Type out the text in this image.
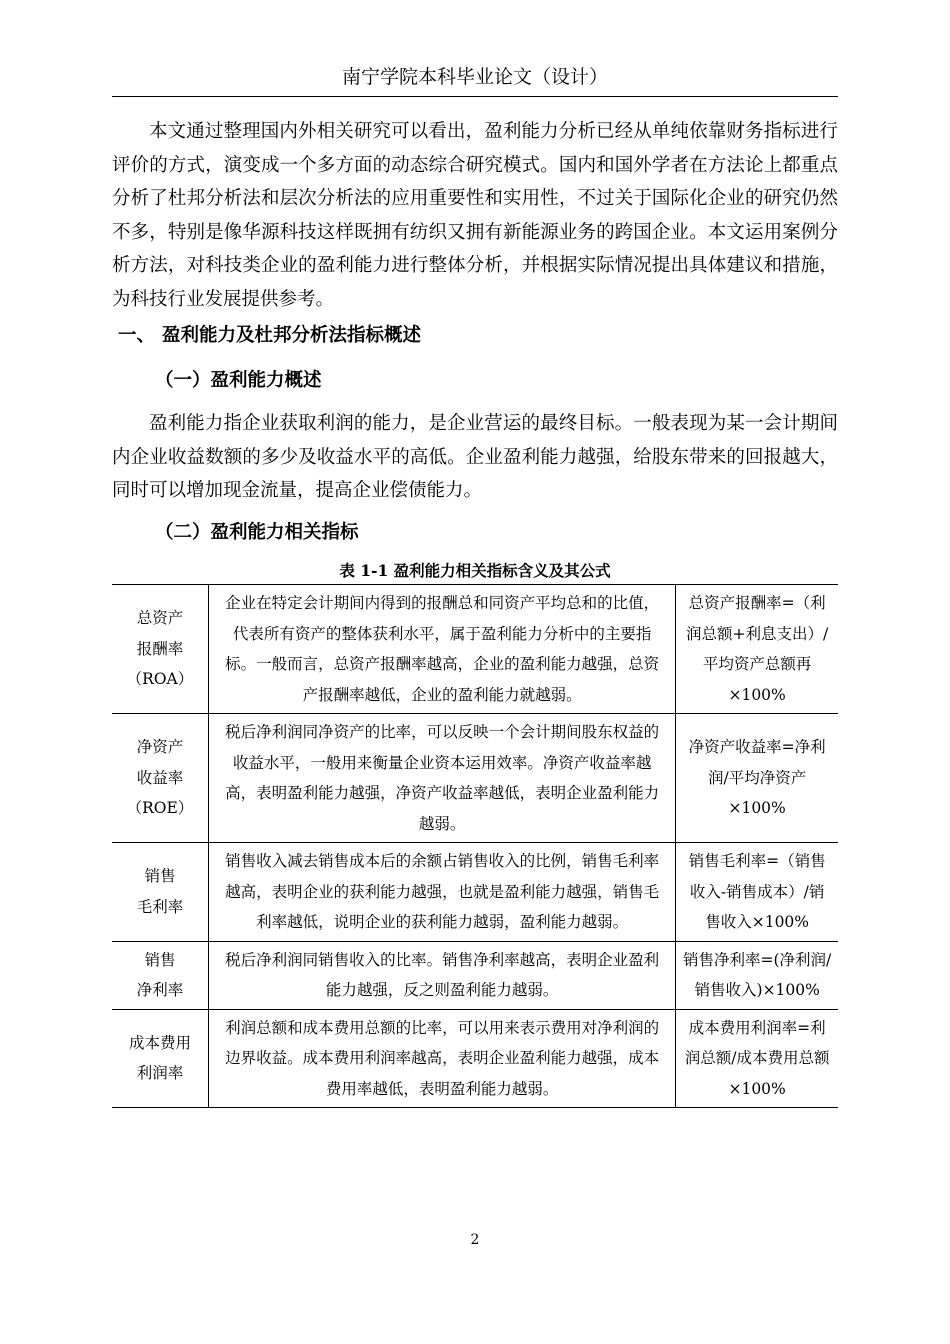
南宁学院本科毕业论文（设计）

本文通过整理国内外相关研究可以看出，盈利能力分析已经从单纯依靠财务指标进行评价的方式，演变成一个多方面的动态综合研究模式。国内和国外学者在方法论上都重点分析了杜邦分析法和层次分析法的应用重要性和实用性，不过关于国际化企业的研究仍然不多，特别是像华源科技这样既拥有纺织又拥有新能源业务的跨国企业。本文运用案例分析方法，对科技类企业的盈利能力进行整体分析，并根据实际情况提出具体建议和措施，为科技行业发展提供参考。

一、 盈利能力及杜邦分析法指标概述
（一）盈利能力概述

盈利能力指企业获取利润的能力，是企业营运的最终目标。一般表现为某一会计期间内企业收益数额的多少及收益水平的高低。企业盈利能力越强，给股东带来的回报越大，同时可以增加现金流量，提高企业偿债能力。

（二）盈利能力相关指标
表 1-1 盈利能力相关指标含义及其公式
总资产
报酬率
（ROA）	企业在特定会计期间内得到的报酬总和同资产平均总和的比值，代表所有资产的整体获利水平，属于盈利能力分析中的主要指标。一般而言，总资产报酬率越高，企业的盈利能力越强，总资产报酬率越低，企业的盈利能力就越弱。	总资产报酬率=（利润总额+利息支出）/平均资产总额再×100%

净资产
收益率
（ROE）	税后净利润同净资产的比率，可以反映一个会计期间股东权益的收益水平，一般用来衡量企业资本运用效率。净资产收益率越高，表明盈利能力越强，净资产收益率越低，表明企业盈利能力越弱。	净资产收益率=净利润/平均净资产×100%

销售
毛利率	销售收入减去销售成本后的余额占销售收入的比例，销售毛利率越高，表明企业的获利能力越强，也就是盈利能力越强，销售毛利率越低，说明企业的获利能力越弱，盈利能力越弱。	销售毛利率=（销售收入-销售成本）/销售收入×100%

销售
净利率	税后净利润同销售收入的比率。销售净利率越高，表明企业盈利能力越强，反之则盈利能力越弱。	销售净利率=(净利润/销售收入)×100%

成本费用
利润率	利润总额和成本费用总额的比率，可以用来表示费用对净利润的边界收益。成本费用利润率越高，表明企业盈利能力越强，成本费用率越低，表明盈利能力越弱。	成本费用利润率=利润总额/成本费用总额×100%
2
